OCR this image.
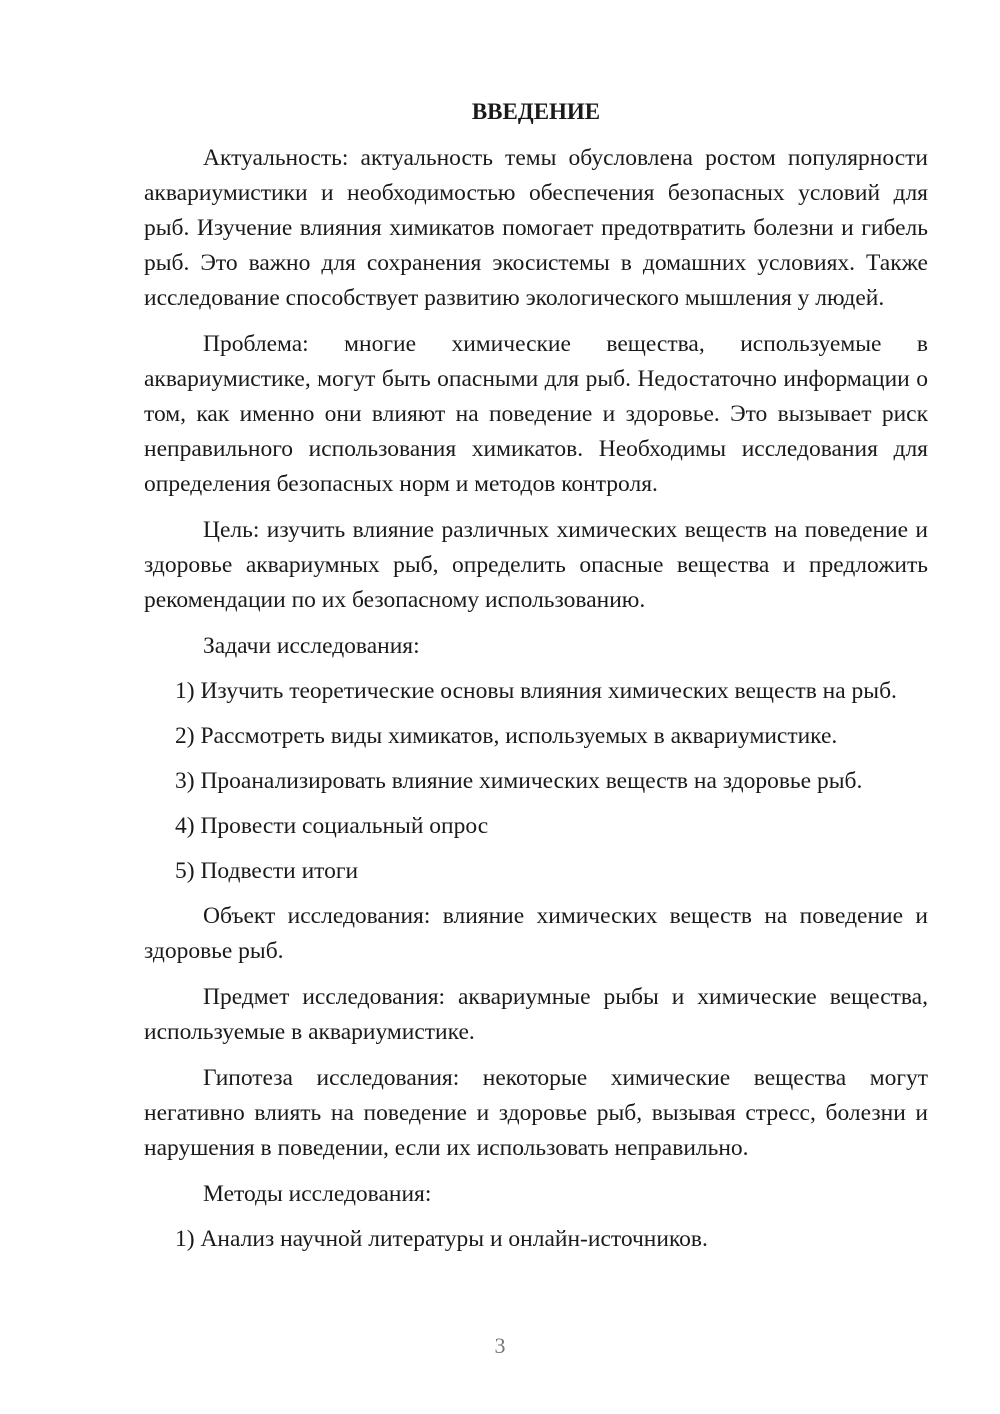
ВВЕДЕНИЕ

Актуальность: актуальность темы обусловлена ростом популярности аквариумистики и необходимостью обеспечения безопасных условий для рыб. Изучение влияния химикатов помогает предотвратить болезни и гибель рыб. Это важно для сохранения экосистемы в домашних условиях. Также исследование способствует развитию экологического мышления у людей.

Проблема: многие химические вещества, используемые в аквариумистике, могут быть опасными для рыб. Недостаточно информации о том, как именно они влияют на поведение и здоровье. Это вызывает риск неправильного использования химикатов. Необходимы исследования для определения безопасных норм и методов контроля.

Цель: изучить влияние различных химических веществ на поведение и здоровье аквариумных рыб, определить опасные вещества и предложить рекомендации по их безопасному использованию.

Задачи исследования:

1) Изучить теоретические основы влияния химических веществ на рыб.

2) Рассмотреть виды химикатов, используемых в аквариумистике.

3) Проанализировать влияние химических веществ на здоровье рыб.

4) Провести социальный опрос

5) Подвести итоги

Объект исследования: влияние химических веществ на поведение и здоровье рыб.

Предмет исследования: аквариумные рыбы и химические вещества, используемые в аквариумистике.

Гипотеза исследования: некоторые химические вещества могут негативно влиять на поведение и здоровье рыб, вызывая стресс, болезни и нарушения в поведении, если их использовать неправильно.

Методы исследования:

1) Анализ научной литературы и онлайн-источников.

3
